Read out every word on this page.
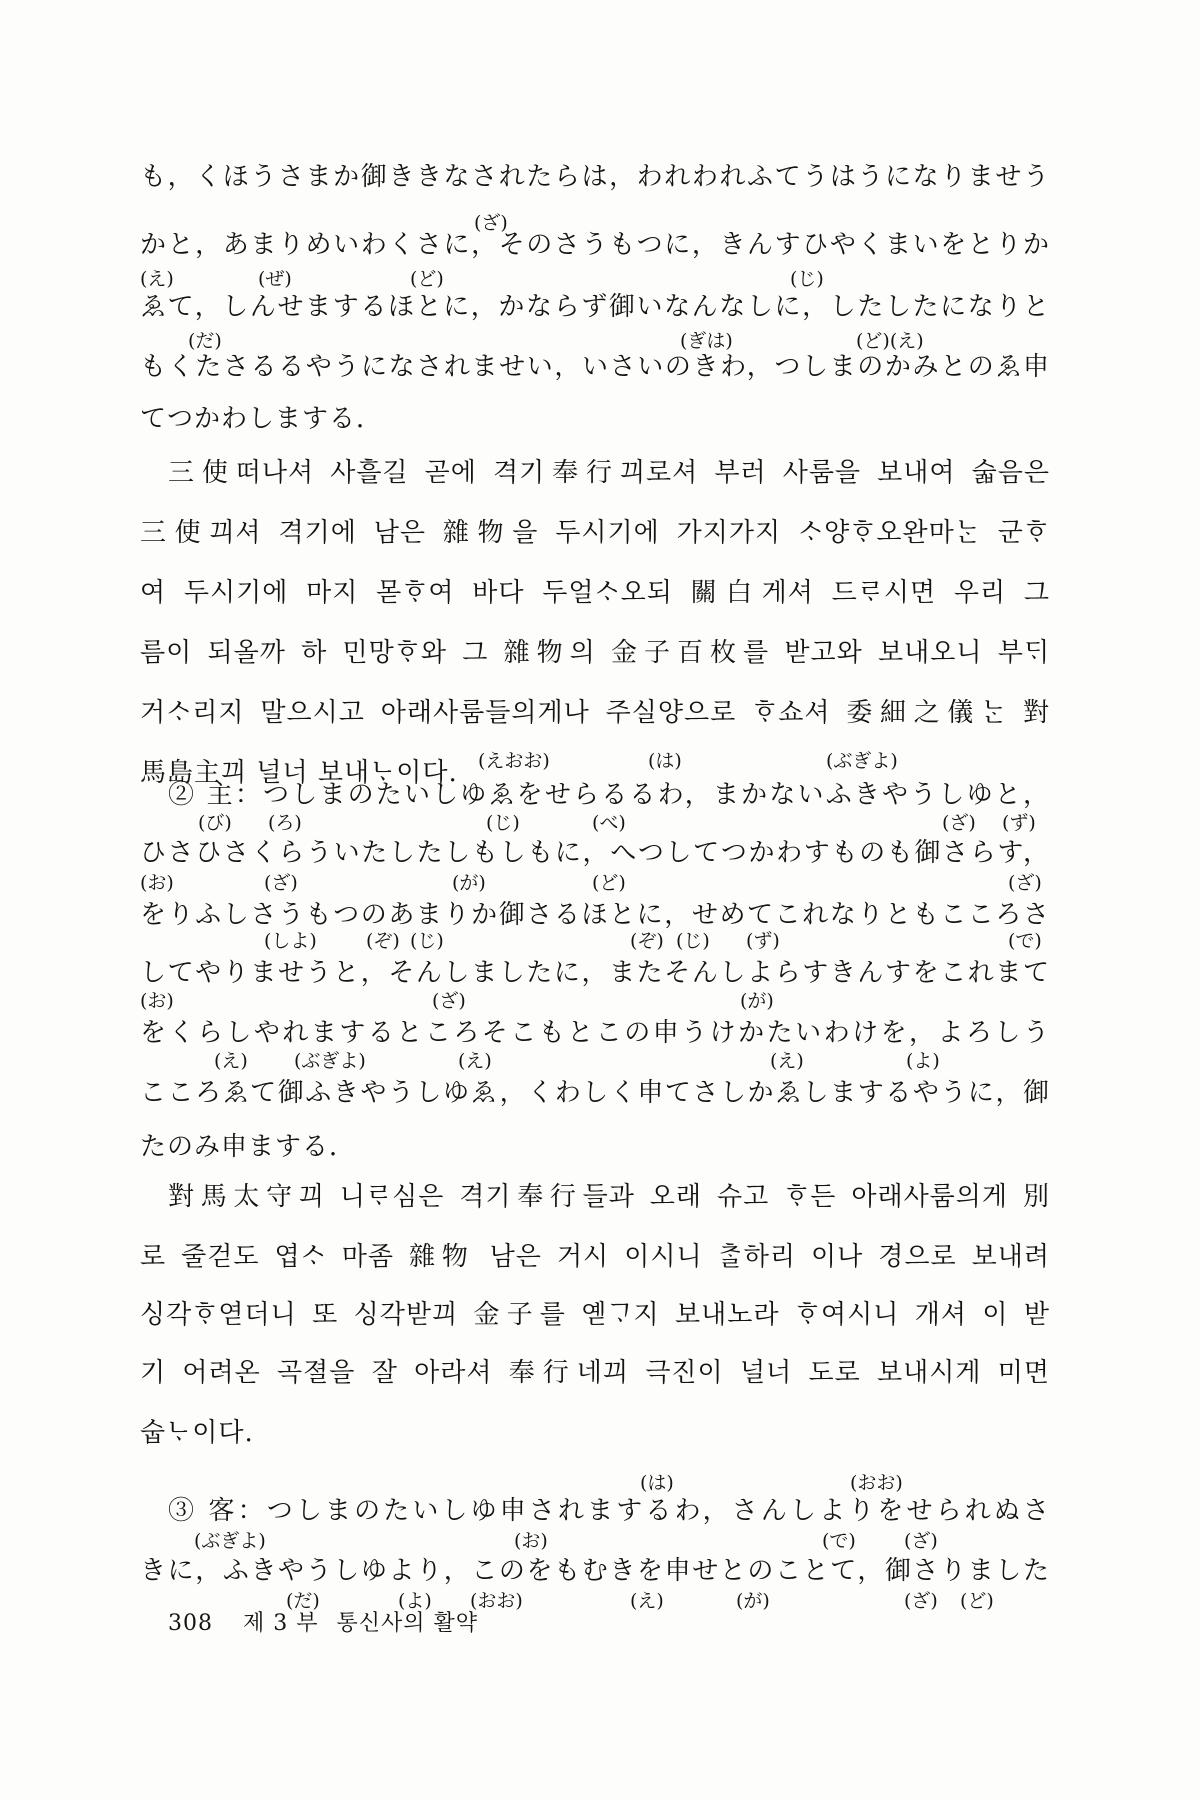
も，くほうさまか御ききなされたらは，われわれふてうはうになりませう
(ざ)
かと，あまりめいわくさに，そのさうもつに，きんすひやくまいをとりか
(え)	(ぜ)	(ど)	(じ)
ゑて，しんせまするほとに，かならず御いなんなしに，したしたになりと
(だ)	(ぎは)	(ど)(え)
もくたさるるやうになされませい，いさいのきわ，つしまのかみとのゑ申
てつかわしまする．
三使떠나셔 사흘길 곧에 격기奉行끠로셔 부러 사룸을 보내여 숣음은
三使끠셔 격기에 남은 雜物을 두시기에 가지가지 ᄉᆞ양ᄒᆞ오완마ᄂᆞᆫ 군ᄒᆞ
여 두시기에 마지 몯ᄒᆞ여 바다 두얼ᄉᆞ오되 關白게셔 드ᄅᆞ시면 우리 그
름이 되올까 하 민망ᄒᆞ와 그 雜物의 金子百枚를 받고와 보내오니 부ᄃᆡ
거ᄉᆞ리지 말으시고 아래사룸들의게나 주실양으로 ᄒᆞ쇼셔 委細之儀ᄂᆞᆫ 對
馬島主끠 널너 보내ᄂᆞ이다.	(えおお)	(は)	(ぶぎよ)
② 主：つしまのたいしゆゑをせらるるわ，まかないふきやうしゆと，
(び) (ろ)	(じ)	(べ)	(ざ) (ず)
ひさひさくらういたしたしもしもに，へつしてつかわすものも御さらす，
(お)	(ざ)	(が)	(ど)	(ざ)
をりふしさうもつのあまりか御さるほとに，せめてこれなりともこころさ
(しよ)	(ぞ) (じ)	(ぞ) (じ) (ず)	(で)
してやりませうと，そんしましたに，またそんしよらすきんすをこれまて
(お)	(ざ)	(が)
をくらしやれまするところそこもとこの申うけかたいわけを，よろしう
(え) (ぶぎよ)	(え)	(え)	(よ)
こころゑて御ふきやうしゆゑ，くわしく申てさしかゑしまするやうに，御
たのみ申まする．
對馬太守끠 니ᄅᆞ심은 격기奉行들과 오래 슈고 ᄒᆞ든 아래사룸의게 別
로 줄걷도 엽ᄉᆞ 마좀 雜物 남은 거시 이시니 ᄎᆞᆯ하리 이나 경으로 보내려
싱각ᄒᆞ엳더니 또 싱각받끠 金子를 옏ᄀᆞ지 보내노라 ᄒᆞ여시니 개셔 이 받
기 어려온 곡졀을 잘 아라셔 奉行네끠 극진이 널너 도로 보내시게 미면
숩ᄂᆞ이다.
(は)	(おお)
③ 客：つしまのたいしゆ申されまするわ，さんしよりをせられぬさ
(ぶぎよ)	(お)	(で)	(ざ)
きに，ふきやうしゆより，このをもむきを申せとのことて，御さりました
(だ)	(よ) (おお)	(え)	(が)	(ざ) (ど)
308 제 3 부 통신사의 활약
